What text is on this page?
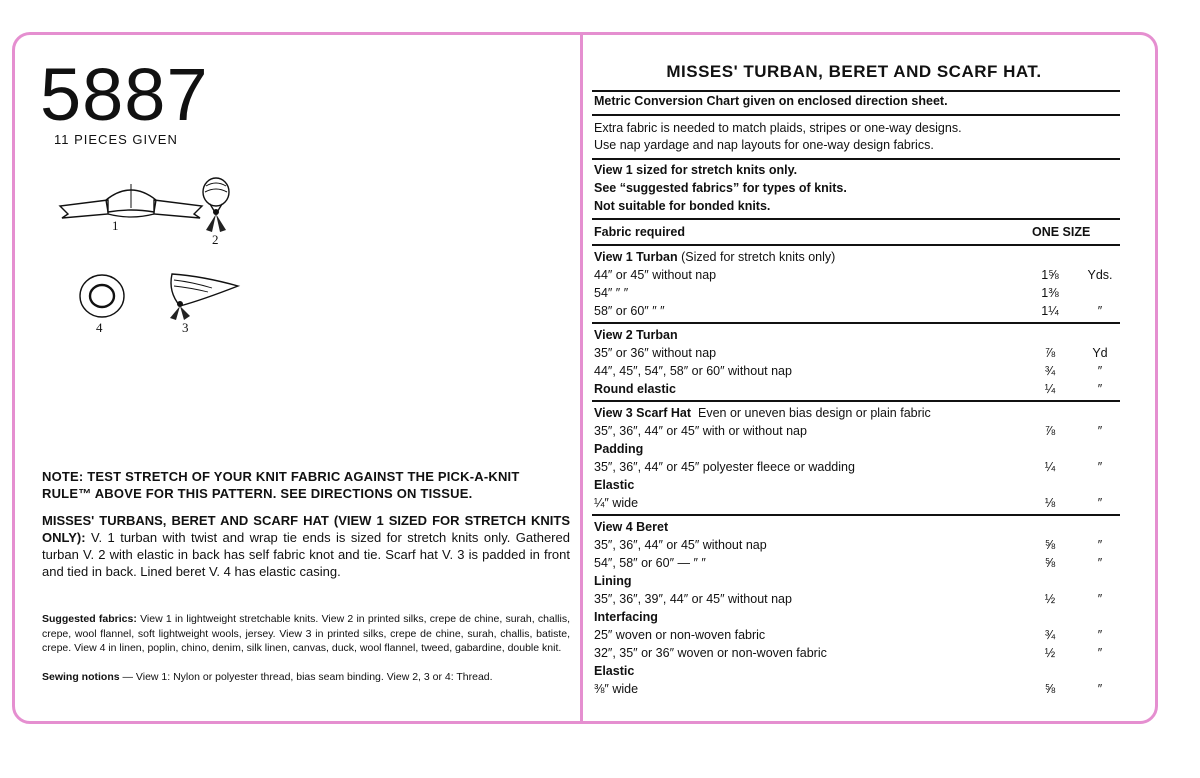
5887
11 PIECES GIVEN
1
2
4	3
NOTE: TEST STRETCH OF YOUR KNIT FABRIC AGAINST THE PICK-A-KNIT RULE™ ABOVE FOR THIS PATTERN. SEE DIRECTIONS ON TISSUE.
MISSES' TURBANS, BERET AND SCARF HAT (VIEW 1 SIZED FOR STRETCH KNITS ONLY): V. 1 turban with twist and wrap tie ends is sized for stretch knits only. Gathered turban V. 2 with elastic in back has self fabric knot and tie. Scarf hat V. 3 is padded in front and tied in back. Lined beret V. 4 has elastic casing.
Suggested fabrics: View 1 in lightweight stretchable knits. View 2 in printed silks, crepe de chine, surah, challis, crepe, wool flannel, soft lightweight wools, jersey. View 3 in printed silks, crepe de chine, surah, challis, batiste, crepe. View 4 in linen, poplin, chino, denim, silk linen, canvas, duck, wool flannel, tweed, gabardine, double knit.
Sewing notions — View 1: Nylon or polyester thread, bias seam binding. View 2, 3 or 4: Thread.
MISSES' TURBAN, BERET AND SCARF HAT.
Metric Conversion Chart given on enclosed direction sheet.
Extra fabric is needed to match plaids, stripes or one-way designs.
Use nap yardage and nap layouts for one-way design fabrics.
View 1 sized for stretch knits only.
See “suggested fabrics” for types of knits.
Not suitable for bonded knits.
Fabric required	ONE SIZE
View 1 Turban (Sized for stretch knits only)
44″ or 45″ without nap	1⅝	Yds.
54″ ″ ″	1⅜
58″ or 60″ ″ ″	1¼	″
View 2 Turban
35″ or 36″ without nap	⅞	Yd
44″, 45″, 54″, 58″ or 60″ without nap	¾	″
Round elastic	¼	″
View 3 Scarf Hat Even or uneven bias design or plain fabric
35″, 36″, 44″ or 45″ with or without nap	⅞	″
Padding
35″, 36″, 44″ or 45″ polyester fleece or wadding	¼	″
Elastic
¼″ wide	⅛	″
View 4 Beret
35″, 36″, 44″ or 45″ without nap	⅝	″
54″, 58″ or 60″ — ″ ″	⅝	″
Lining
35″, 36″, 39″, 44″ or 45″ without nap	½	″
Interfacing
25″ woven or non-woven fabric	¾	″
32″, 35″ or 36″ woven or non-woven fabric	½	″
Elastic
⅜″ wide	⅝	″
